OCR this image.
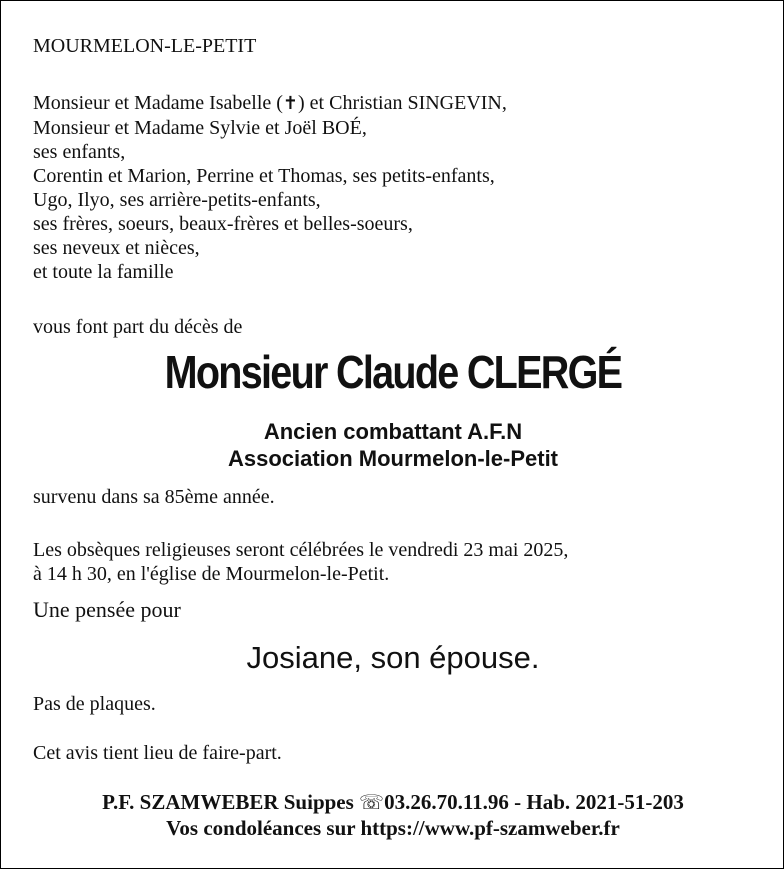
MOURMELON-LE-PETIT
Monsieur et Madame Isabelle (✝) et Christian SINGEVIN,
Monsieur et Madame Sylvie et Joël BOÉ,
ses enfants,
Corentin et Marion, Perrine et Thomas, ses petits-enfants,
Ugo, Ilyo, ses arrière-petits-enfants,
ses frères, soeurs, beaux-frères et belles-soeurs,
ses neveux et nièces,
et toute la famille
vous font part du décès de
Monsieur Claude CLERGÉ
Ancien combattant A.F.N
Association Mourmelon-le-Petit
survenu dans sa 85ème année.
Les obsèques religieuses seront célébrées le vendredi 23 mai 2025,
à 14 h 30, en l'église de Mourmelon-le-Petit.
Une pensée pour
Josiane, son épouse.
Pas de plaques.
Cet avis tient lieu de faire-part.
P.F. SZAMWEBER Suippes ☏03.26.70.11.96 - Hab. 2021-51-203
Vos condoléances sur https://www.pf-szamweber.fr
